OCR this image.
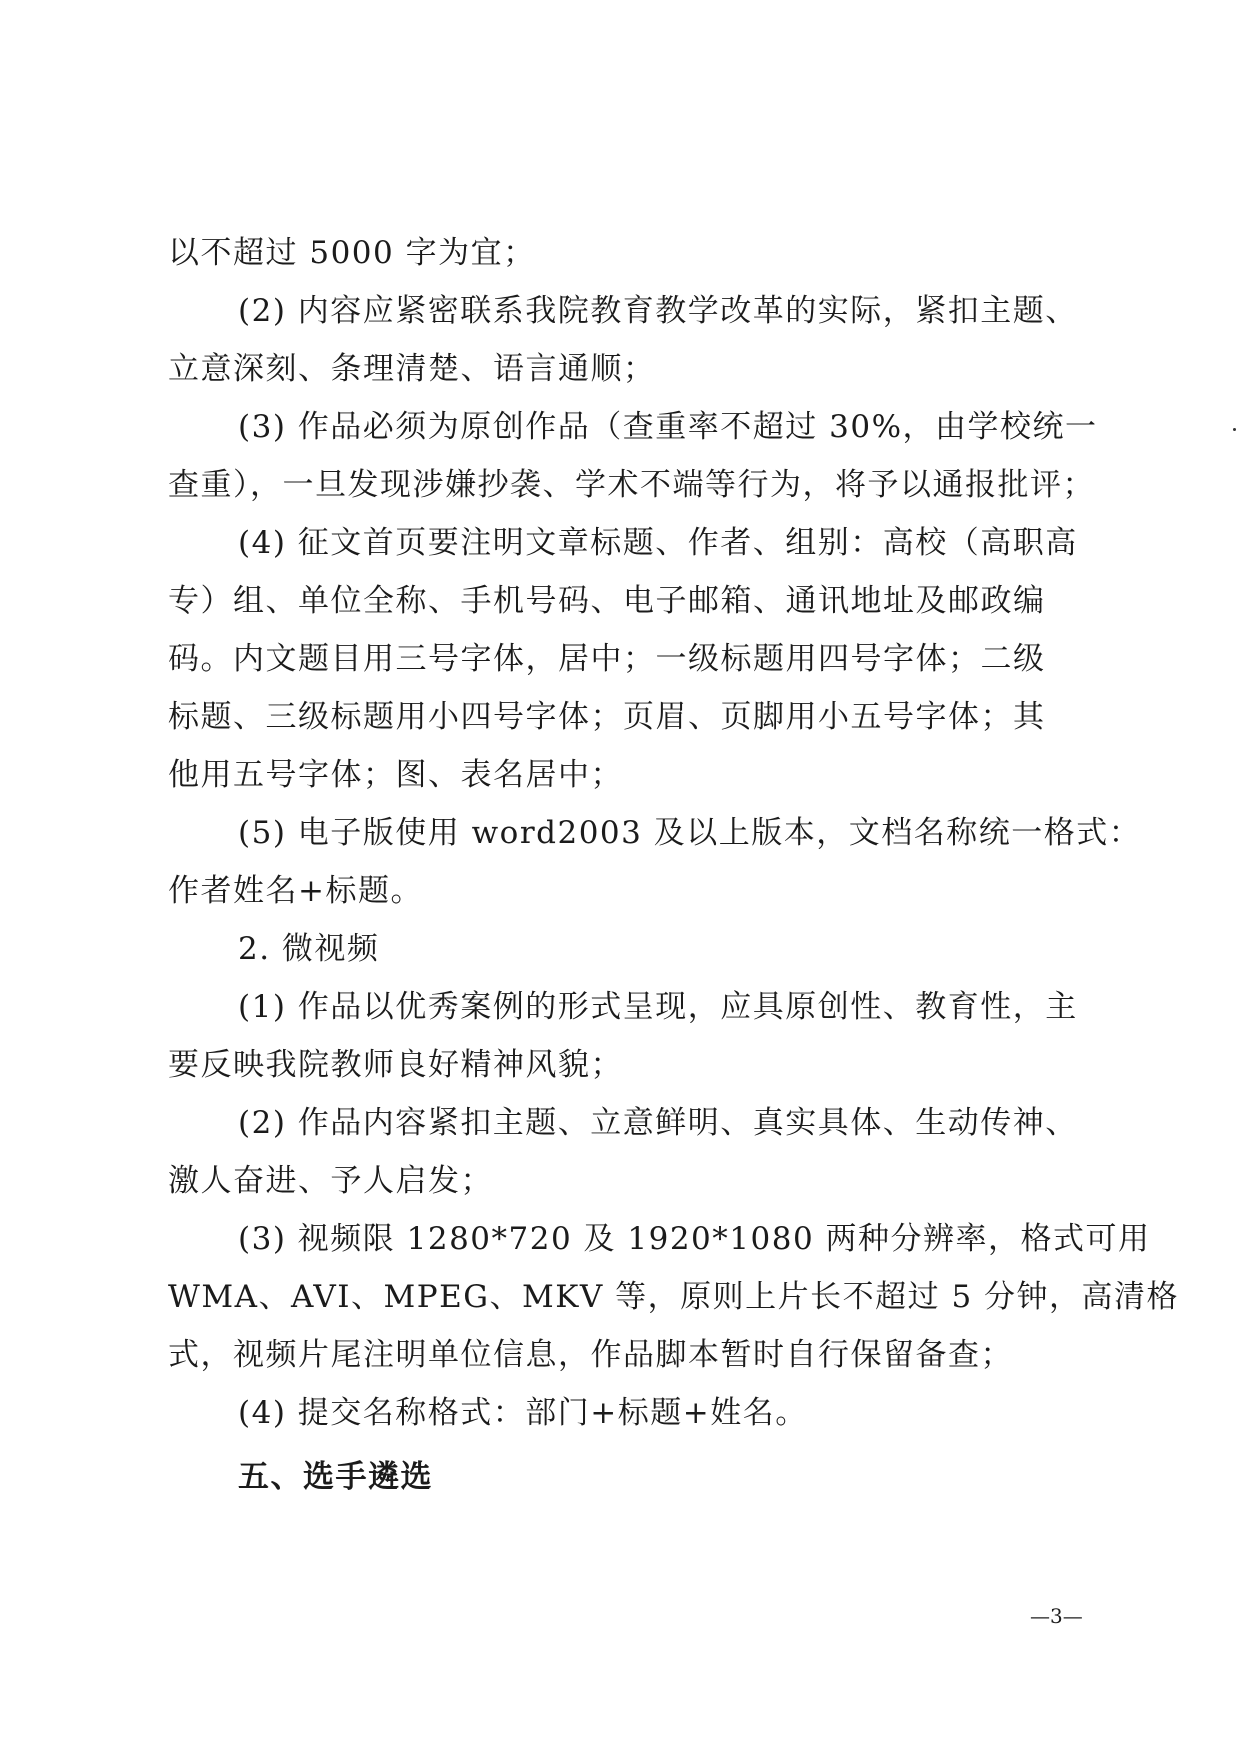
以不超过 5000 字为宜；
(2) 内容应紧密联系我院教育教学改革的实际，紧扣主题、
立意深刻、条理清楚、语言通顺；
(3) 作品必须为原创作品（查重率不超过 30%，由学校统一
查重），一旦发现涉嫌抄袭、学术不端等行为，将予以通报批评；
(4) 征文首页要注明文章标题、作者、组别：高校（高职高
专）组、单位全称、手机号码、电子邮箱、通讯地址及邮政编
码。内文题目用三号字体，居中；一级标题用四号字体；二级
标题、三级标题用小四号字体；页眉、页脚用小五号字体；其
他用五号字体；图、表名居中；
(5) 电子版使用 word2003 及以上版本，文档名称统一格式：
作者姓名+标题。
2. 微视频
(1) 作品以优秀案例的形式呈现，应具原创性、教育性，主
要反映我院教师良好精神风貌；
(2) 作品内容紧扣主题、立意鲜明、真实具体、生动传神、
激人奋进、予人启发；
(3) 视频限 1280*720 及 1920*1080 两种分辨率，格式可用
WMA、AVI、MPEG、MKV 等，原则上片长不超过 5 分钟，高清格
式，视频片尾注明单位信息，作品脚本暂时自行保留备查；
(4) 提交名称格式：部门+标题+姓名。
五、选手遴选
—3—
